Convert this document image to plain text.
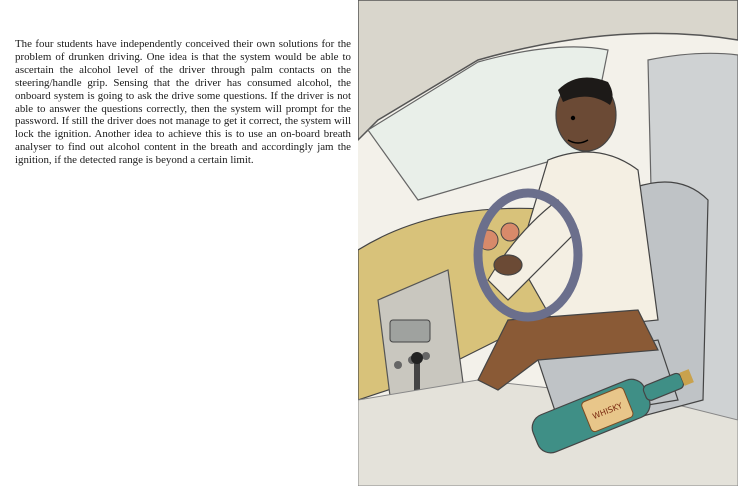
The four students have independently conceived their own solutions for the problem of drunken driving. One idea is that the system would be able to ascertain the alcohol level of the driver through palm contacts on the steering/handle grip. Sensing that the driver has consumed alcohol, the onboard system is going to ask the drive some questions. If the driver is not able to answer the questions correctly, then the system will prompt for the password. If still the driver does not manage to get it correct, the system will lock the ignition. Another idea to achieve this is to use an on-board breath analyser to find out alcohol content in the breath and accordingly jam the ignition, if the detected range is beyond a certain limit.

WHISKY
